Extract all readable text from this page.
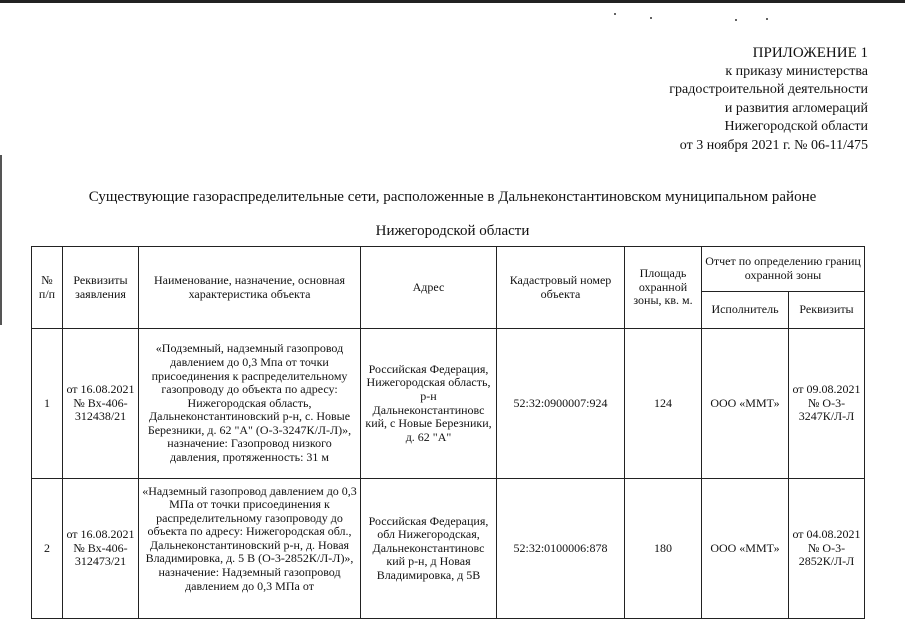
ПРИЛОЖЕНИЕ 1
к приказу министерства
градостроительной деятельности
и развития агломераций
Нижегородской области
от 3 ноября 2021 г. № 06-11/475
Существующие газораспределительные сети, расположенные в Дальнеконстантиновском муниципальном районе
Нижегородской области
№ п/п	Реквизиты заявления	Наименование, назначение, основная характеристика объекта	Адрес	Кадастровый номер объекта	Площадь охранной зоны, кв. м.	Отчет по определению границ охранной зоны	
						Исполнитель	Реквизиты
1	от 16.08.2021 № Вх-406-312438/21	«Подземный, надземный газопровод давлением до 0,3 Мпа от точки присоединения к распределительному газопроводу до объекта по адресу: Нижегородская область, Дальнеконстантиновский р-н, с. Новые Березники, д. 62 "А" (О-3-3247К/Л-Л)», назначение: Газопровод низкого давления, протяженность: 31 м	Российская Федерация, Нижегородская область, р-н Дальнеконстантиновс кий, с Новые Березники, д. 62 "А"	52:32:0900007:924	124	ООО «ММТ»	от 09.08.2021 № О-3-3247К/Л-Л
2	от 16.08.2021 № Вх-406-312473/21	«Надземный газопровод давлением до 0,3 МПа от точки присоединения к распределительному газопроводу до объекта по адресу: Нижегородская обл., Дальнеконстантиновский р-н, д. Новая Владимировка, д. 5 В (О-3-2852К/Л-Л)», назначение: Надземный газопровод давлением до 0,3 МПа от	Российская Федерация, обл Нижегородская, Дальнеконстантиновс кий р-н, д Новая Владимировка, д 5В	52:32:0100006:878	180	ООО «ММТ»	от 04.08.2021 № О-3-2852К/Л-Л
